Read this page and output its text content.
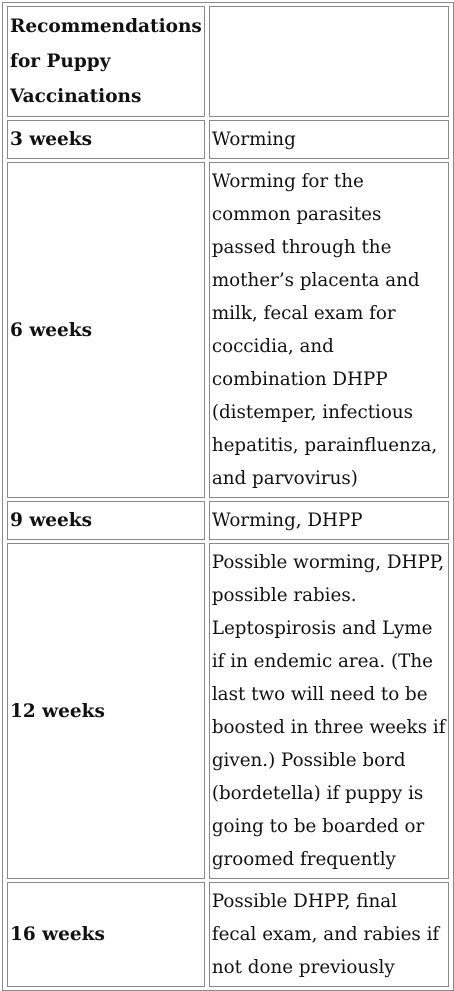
Recommendations for Puppy Vaccinations	
3 weeks	Worming
6 weeks	Worming for the common parasites passed through the mother’s placenta and milk, fecal exam for coccidia, and combination DHPP (distemper, infectious hepatitis, parainfluenza, and parvovirus)
9 weeks	Worming, DHPP
12 weeks	Possible worming, DHPP, possible rabies. Leptospirosis and Lyme if in endemic area. (The last two will need to be boosted in three weeks if given.) Possible bord (bordetella) if puppy is going to be boarded or groomed frequently
16 weeks	Possible DHPP, final fecal exam, and rabies if not done previously
